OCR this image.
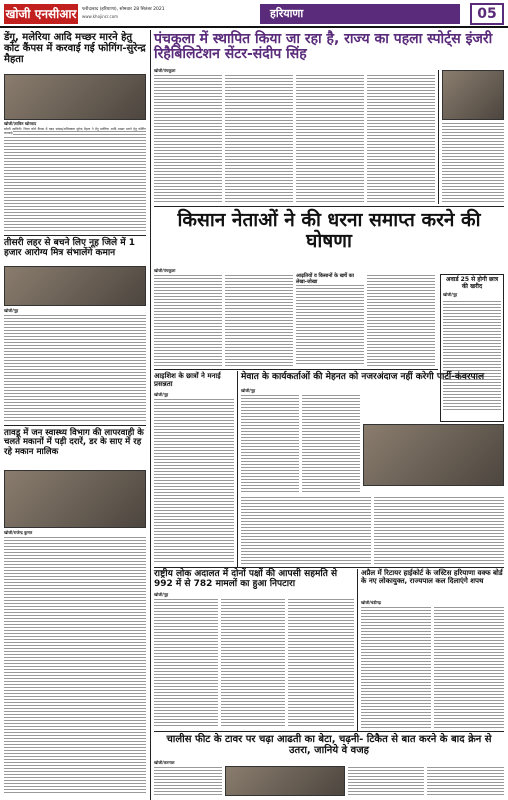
खोजी एनसीआर	फरीदाबाद (हरियाणा), सोमवार 28 सितंबर 2021
www.khojincr.com	हरियाणा	05
डेंगू, मलेरिया आदि मच्छर मारने हेतु कोट कैंपस में करवाई गई फोगिंग-सुरेन्द्र मैहता
खोजी/ज़ाकिर खोरवाद
खोजी ज़ाकिरी। जिला कोर्ट कैंपस में खाद सांसद/अधिवक्ता सुरेन्द्र मैहता ने डेंगू मलेरिया आदि मच्छर मारने हेतु फोगिंग करवाई।
तीसरी लहर से बचने लिए नूह जिले में 1 हजार आरोग्य मित्र संभालेंगे कमान
खोजी/नूह
तावडू में जन स्वास्थ्य विभाग की लापरवाही के चलते मकानों में पड़ी दरारें, डर के साए में रह रहे मकान मालिक
खोजी/राजेन्द्र कुमार
पंचकूला में स्थापित किया जा रहा है, राज्य का पहला स्पोर्ट्स इंजरी रिहैबिलिटेशन सेंटर-संदीप सिंह
खोजी/पंचकूला
किसान नेताओं ने की धरना समाप्त करने की घोषणा
खोजी/पंचकूला
आढ़तियों व किसानों के खर्चे का लेखा-जोखा	अवार्ड 25 से होगी छात्र की खरीद
खोजी/नूह
आइशिश के छात्रों ने मनाई प्रसन्नता
खोजी/नूह
मेवात के कार्यकर्ताओं की मेहनत को नजरअंदाज नहीं करेगी पार्टी-कंवरपाल
खोजी/नूह
राष्ट्रीय लोक अदालत में दोनों पक्षों की आपसी सहमति से 992 में से 782 मामलों का हुआ निपटारा
खोजी/नूह
अप्रैल में रिटायर हाईकोर्ट के जस्टिस हरियाणा वक्फ बोर्ड के नए लोकायुक्त, राज्यपाल कल दिलाएंगे शपथ
खोजी/चंडीगढ़
चालीस फीट के टावर पर चढ़ा आढती का बेटा, चढ़नी- टिकैत से बात करने के बाद क्रेन से उतरा, जानिये वे वजह
खोजी/करनाल
